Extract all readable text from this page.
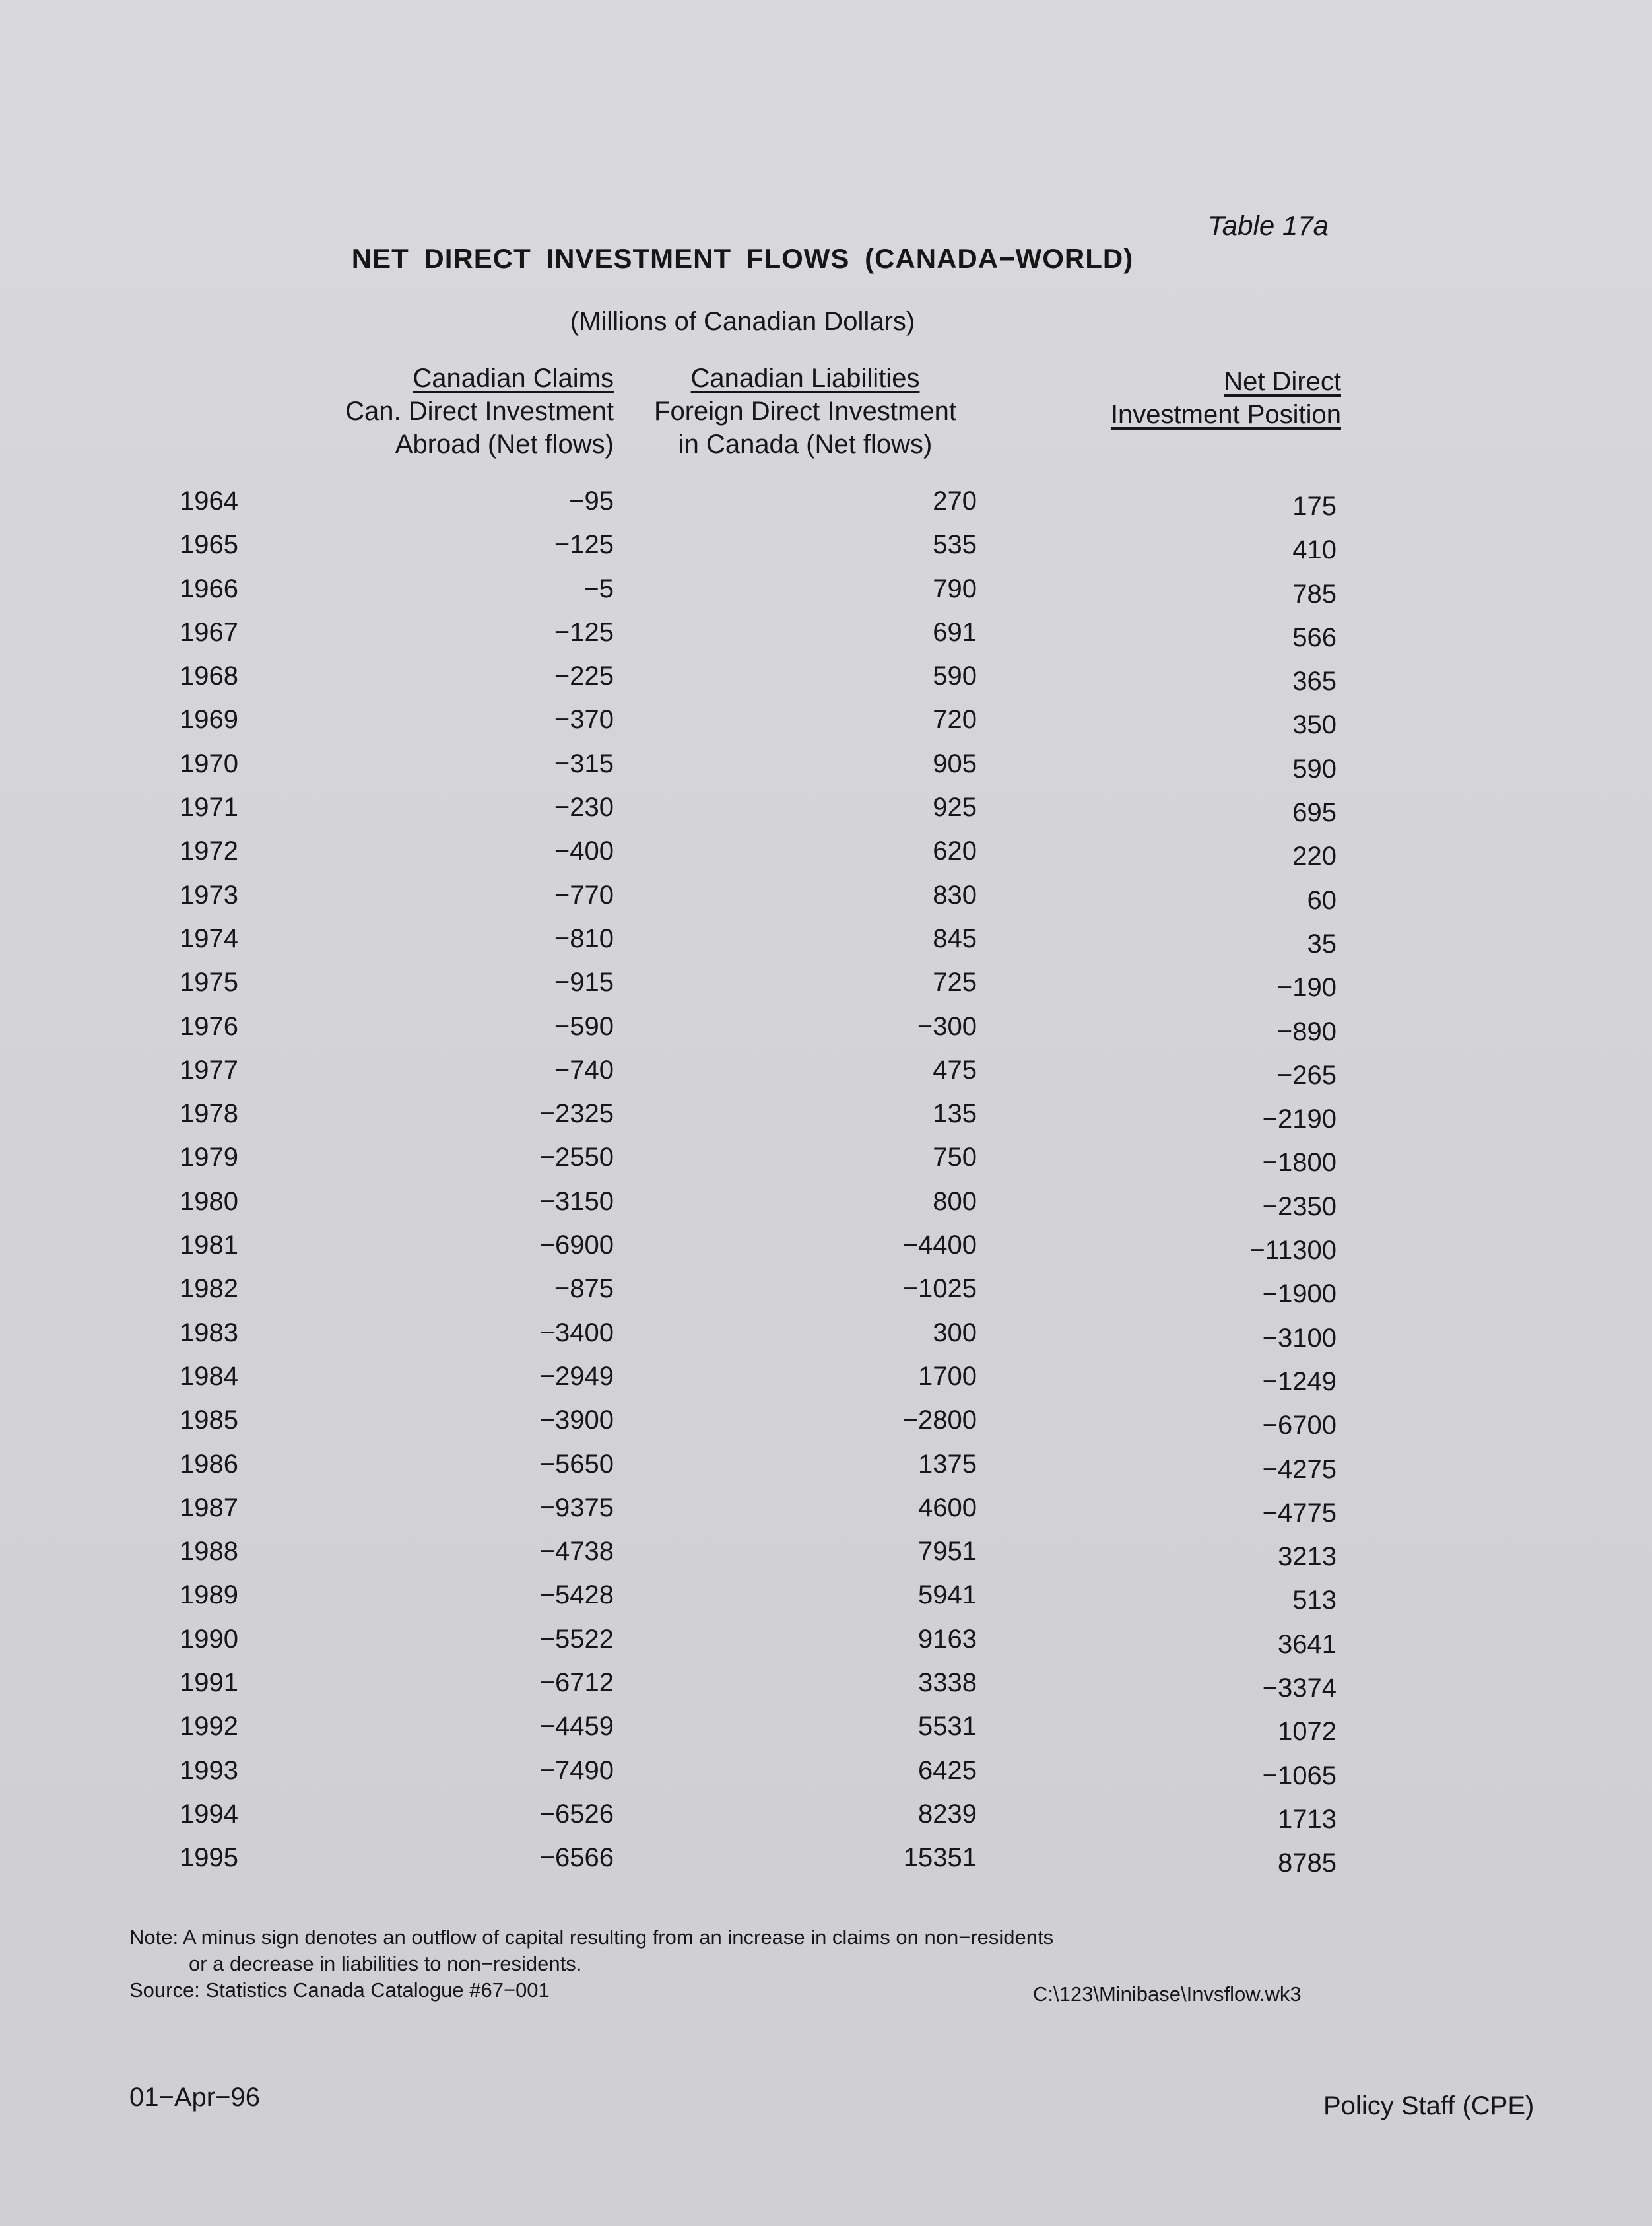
Table 17a
NET DIRECT INVESTMENT FLOWS (CANADA−WORLD)
(Millions of Canadian Dollars)
Canadian Claims
Can. Direct Investment
Abroad (Net flows)
Canadian Liabilities
Foreign Direct Investment
in Canada (Net flows)
Net Direct
Investment Position
1964	−95	270	175
1965	−125	535	410
1966	−5	790	785
1967	−125	691	566
1968	−225	590	365
1969	−370	720	350
1970	−315	905	590
1971	−230	925	695
1972	−400	620	220
1973	−770	830	60
1974	−810	845	35
1975	−915	725	−190
1976	−590	−300	−890
1977	−740	475	−265
1978	−2325	135	−2190
1979	−2550	750	−1800
1980	−3150	800	−2350
1981	−6900	−4400	−11300
1982	−875	−1025	−1900
1983	−3400	300	−3100
1984	−2949	1700	−1249
1985	−3900	−2800	−6700
1986	−5650	1375	−4275
1987	−9375	4600	−4775
1988	−4738	7951	3213
1989	−5428	5941	513
1990	−5522	9163	3641
1991	−6712	3338	−3374
1992	−4459	5531	1072
1993	−7490	6425	−1065
1994	−6526	8239	1713
1995	−6566	15351	8785
Note: A minus sign denotes an outflow of capital resulting from an increase in claims on non−residents
or a decrease in liabilities to non−residents.
Source: Statistics Canada Catalogue #67−001	C:\123\Minibase\Invsflow.wk3
01−Apr−96	Policy Staff (CPE)
